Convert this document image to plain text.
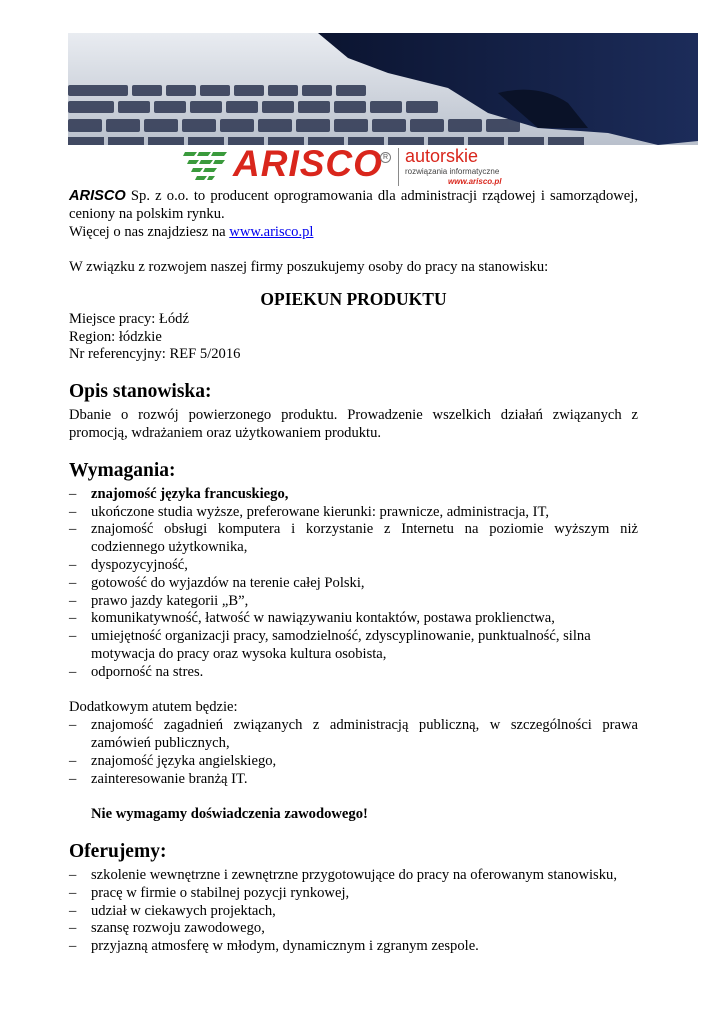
ARISCO R autorskie
rozwiązania informatyczne
www.arisco.pl

ARISCO Sp. z o.o. to producent oprogramowania dla administracji rządowej i samorządowej, ceniony na polskim rynku.

Więcej o nas znajdziesz na www.arisco.pl

W związku z rozwojem naszej firmy poszukujemy osoby do pracy na stanowisku:

OPIEKUN PRODUKTU

Miejsce pracy: Łódź

Region: łódzkie

Nr referencyjny: REF 5/2016

Opis stanowiska:

Dbanie o rozwój powierzonego produktu. Prowadzenie wszelkich działań związanych z promocją, wdrażaniem oraz użytkowaniem produktu.

Wymagania:
– znajomość języka francuskiego,
– ukończone studia wyższe, preferowane kierunki: prawnicze, administracja, IT,
– znajomość obsługi komputera i korzystanie z Internetu na poziomie wyższym niż codziennego użytkownika,
– dyspozycyjność,
– gotowość do wyjazdów na terenie całej Polski,
– prawo jazdy kategorii „B”,
– komunikatywność, łatwość w nawiązywaniu kontaktów, postawa proklienctwa,
– umiejętność organizacji pracy, samodzielność, zdyscyplinowanie, punktualność, silna motywacja do pracy oraz wysoka kultura osobista,
– odporność na stres.

Dodatkowym atutem będzie:

– znajomość zagadnień związanych z administracją publiczną, w szczególności prawa zamówień publicznych,
– znajomość języka angielskiego,
– zainteresowanie branżą IT.

Nie wymagamy doświadczenia zawodowego!

Oferujemy:
– szkolenie wewnętrzne i zewnętrzne przygotowujące do pracy na oferowanym stanowisku,
– pracę w firmie o stabilnej pozycji rynkowej,
– udział w ciekawych projektach,
– szansę rozwoju zawodowego,
– przyjazną atmosferę w młodym, dynamicznym i zgranym zespole.
